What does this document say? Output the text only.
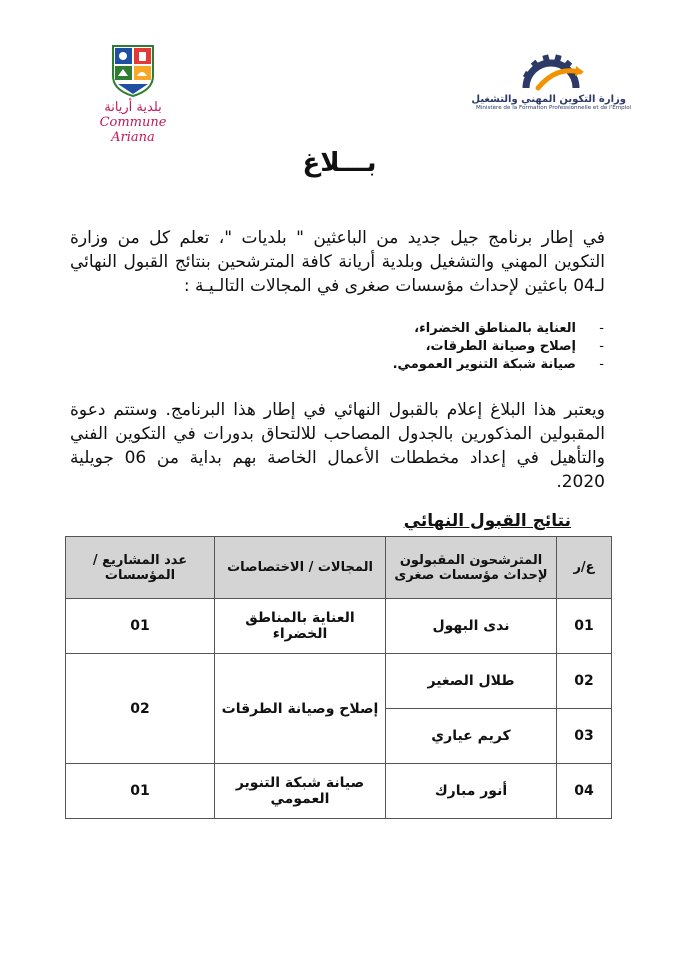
بلدية أريانة
Commune Ariana
وزارة التكوين المهني والتشغيل
Ministère de la Formation Professionnelle et de l'Emploi
بـــلاغ
في إطار برنامج جيل جديد من الباعثين " بلديات "، تعلم كل من وزارة التكوين المهني والتشغيل وبلدية أريانة كافة المترشحين بنتائج القبول النهائي لـ04 باعثين لإحداث مؤسسات صغرى في المجالات التالـيـة :
-
العناية بالمناطق الخضراء،
-
إصلاح وصيانة الطرقات،
-
صيانة شبكة التنوير العمومي.
ويعتبر هذا البلاغ إعلام بالقبول النهائي في إطار هذا البرنامج. وستتم دعوة المقبولين المذكورين بالجدول المصاحب للالتحاق بدورات في التكوين الفني والتأهيل في إعداد مخططات الأعمال الخاصة بهم بداية من 06 جويلية 2020.
نتائج القبول النهائي
ع/ر	المترشحون المقبولون لإحداث مؤسسات صغرى	المجالات / الاختصاصات	عدد المشاريع / المؤسسات
01	ندى البهول	العناية بالمناطق الخضراء	01
02	طلال الصغير	إصلاح وصيانة الطرقات	02
03	كريم عياري		
04	أنور مبارك	صيانة شبكة التنوير العمومي	01
